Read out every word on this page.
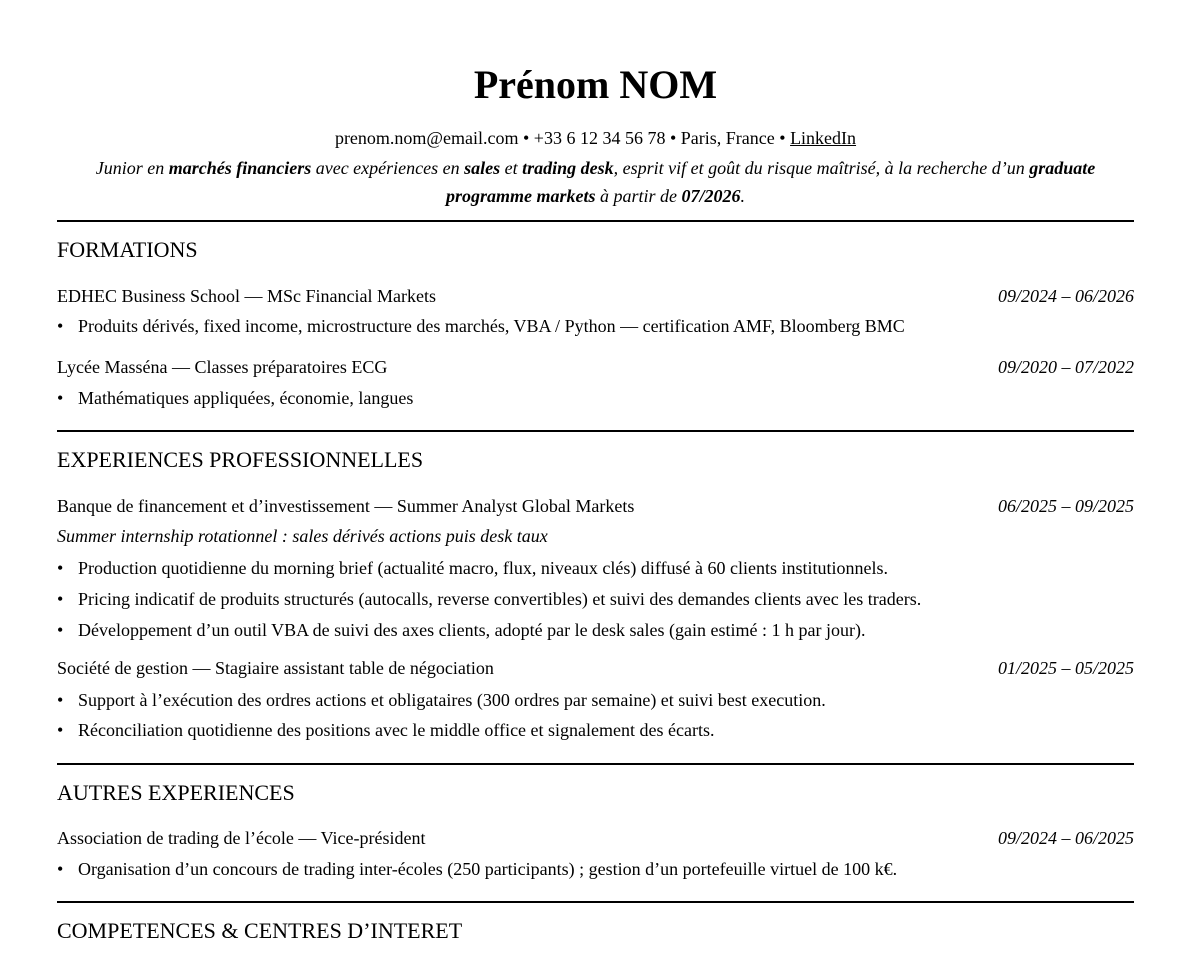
Prénom NOM
prenom.nom@email.com • +33 6 12 34 56 78 • Paris, France • LinkedIn
Junior en marchés financiers avec expériences en sales et trading desk, esprit vif et goût du risque maîtrisé, à la recherche d’un graduate programme markets à partir de 07/2026.
FORMATIONS
EDHEC Business School — MSc Financial Markets	09/2024 – 06/2026
• Produits dérivés, fixed income, microstructure des marchés, VBA / Python — certification AMF, Bloomberg BMC
Lycée Masséna — Classes préparatoires ECG	09/2020 – 07/2022
• Mathématiques appliquées, économie, langues
EXPERIENCES PROFESSIONNELLES
Banque de financement et d’investissement — Summer Analyst Global Markets	06/2025 – 09/2025
Summer internship rotationnel : sales dérivés actions puis desk taux
• Production quotidienne du morning brief (actualité macro, flux, niveaux clés) diffusé à 60 clients institutionnels.
• Pricing indicatif de produits structurés (autocalls, reverse convertibles) et suivi des demandes clients avec les traders.
• Développement d’un outil VBA de suivi des axes clients, adopté par le desk sales (gain estimé : 1 h par jour).
Société de gestion — Stagiaire assistant table de négociation	01/2025 – 05/2025
• Support à l’exécution des ordres actions et obligataires (300 ordres par semaine) et suivi best execution.
• Réconciliation quotidienne des positions avec le middle office et signalement des écarts.
AUTRES EXPERIENCES
Association de trading de l’école — Vice-président	09/2024 – 06/2025
• Organisation d’un concours de trading inter-écoles (250 participants) ; gestion d’un portefeuille virtuel de 100 k€.
COMPETENCES & CENTRES D’INTERET
